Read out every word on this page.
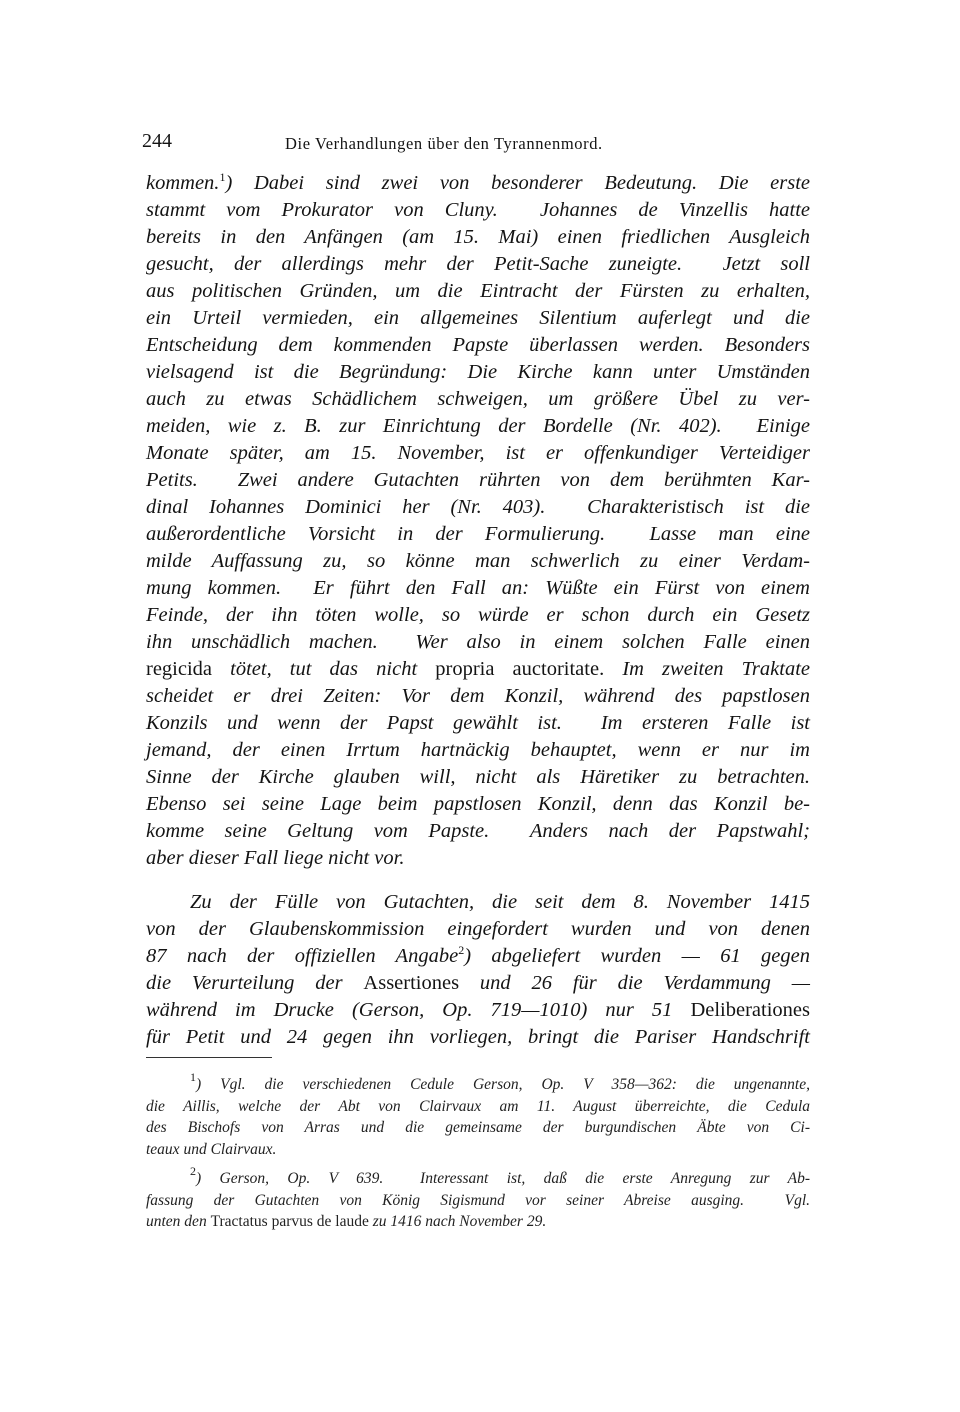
244	Die Verhandlungen über den Tyrannenmord.
kommen.$^1$) Dabei sind zwei von besonderer Bedeutung. Die erste
stammt vom Prokurator von Cluny.  Johannes de Vinzellis hatte
bereits in den Anfängen (am 15. Mai) einen friedlichen Ausgleich
gesucht, der allerdings mehr der Petit-Sache zuneigte.  Jetzt soll
aus politischen Gründen, um die Eintracht der Fürsten zu erhalten,
ein Urteil vermieden, ein allgemeines Silentium auferlegt und die
Entscheidung dem kommenden Papste überlassen werden. Besonders
vielsagend ist die Begründung: Die Kirche kann unter Umständen
auch zu etwas Schädlichem schweigen, um größere Übel zu ver-
meiden, wie z. B. zur Einrichtung der Bordelle (Nr. 402).  Einige
Monate später, am 15. November, ist er offenkundiger Verteidiger
Petits.  Zwei andere Gutachten rührten von dem berühmten Kar-
dinal Iohannes Dominici her (Nr. 403).  Charakteristisch ist die
außerordentliche Vorsicht in der Formulierung.  Lasse man eine
milde Auffassung zu, so könne man schwerlich zu einer Verdam-
mung kommen.  Er führt den Fall an: Wüßte ein Fürst von einem
Feinde, der ihn töten wolle, so würde er schon durch ein Gesetz
ihn unschädlich machen.  Wer also in einem solchen Falle einen
regicida tötet, tut das nicht propria auctoritate. Im zweiten Traktate
scheidet er drei Zeiten: Vor dem Konzil, während des papstlosen
Konzils und wenn der Papst gewählt ist.  Im ersteren Falle ist
jemand, der einen Irrtum hartnäckig behauptet, wenn er nur im
Sinne der Kirche glauben will, nicht als Häretiker zu betrachten.
Ebenso sei seine Lage beim papstlosen Konzil, denn das Konzil be-
komme seine Geltung vom Papste.  Anders nach der Papstwahl;
aber dieser Fall liege nicht vor.
Zu der Fülle von Gutachten, die seit dem 8. November 1415
von der Glaubenskommission eingefordert wurden und von denen
87 nach der offiziellen Angabe$^2$) abgeliefert wurden — 61 gegen
die Verurteilung der Assertiones und 26 für die Verdammung —
während im Drucke (Gerson, Op. 719—1010) nur 51 Deliberationes
für Petit und 24 gegen ihn vorliegen, bringt die Pariser Handschrift
$^1$) Vgl. die verschiedenen Cedule Gerson, Op. V 358—362: die ungenannte,
die Aillis, welche der Abt von Clairvaux am 11. August überreichte, die Cedula
des Bischofs von Arras und die gemeinsame der burgundischen Äbte von Ci-
teaux und Clairvaux.
$^2$) Gerson, Op. V 639.  Interessant ist, daß die erste Anregung zur Ab-
fassung der Gutachten von König Sigismund vor seiner Abreise ausging.  Vgl.
unten den Tractatus parvus de laude zu 1416 nach November 29.
